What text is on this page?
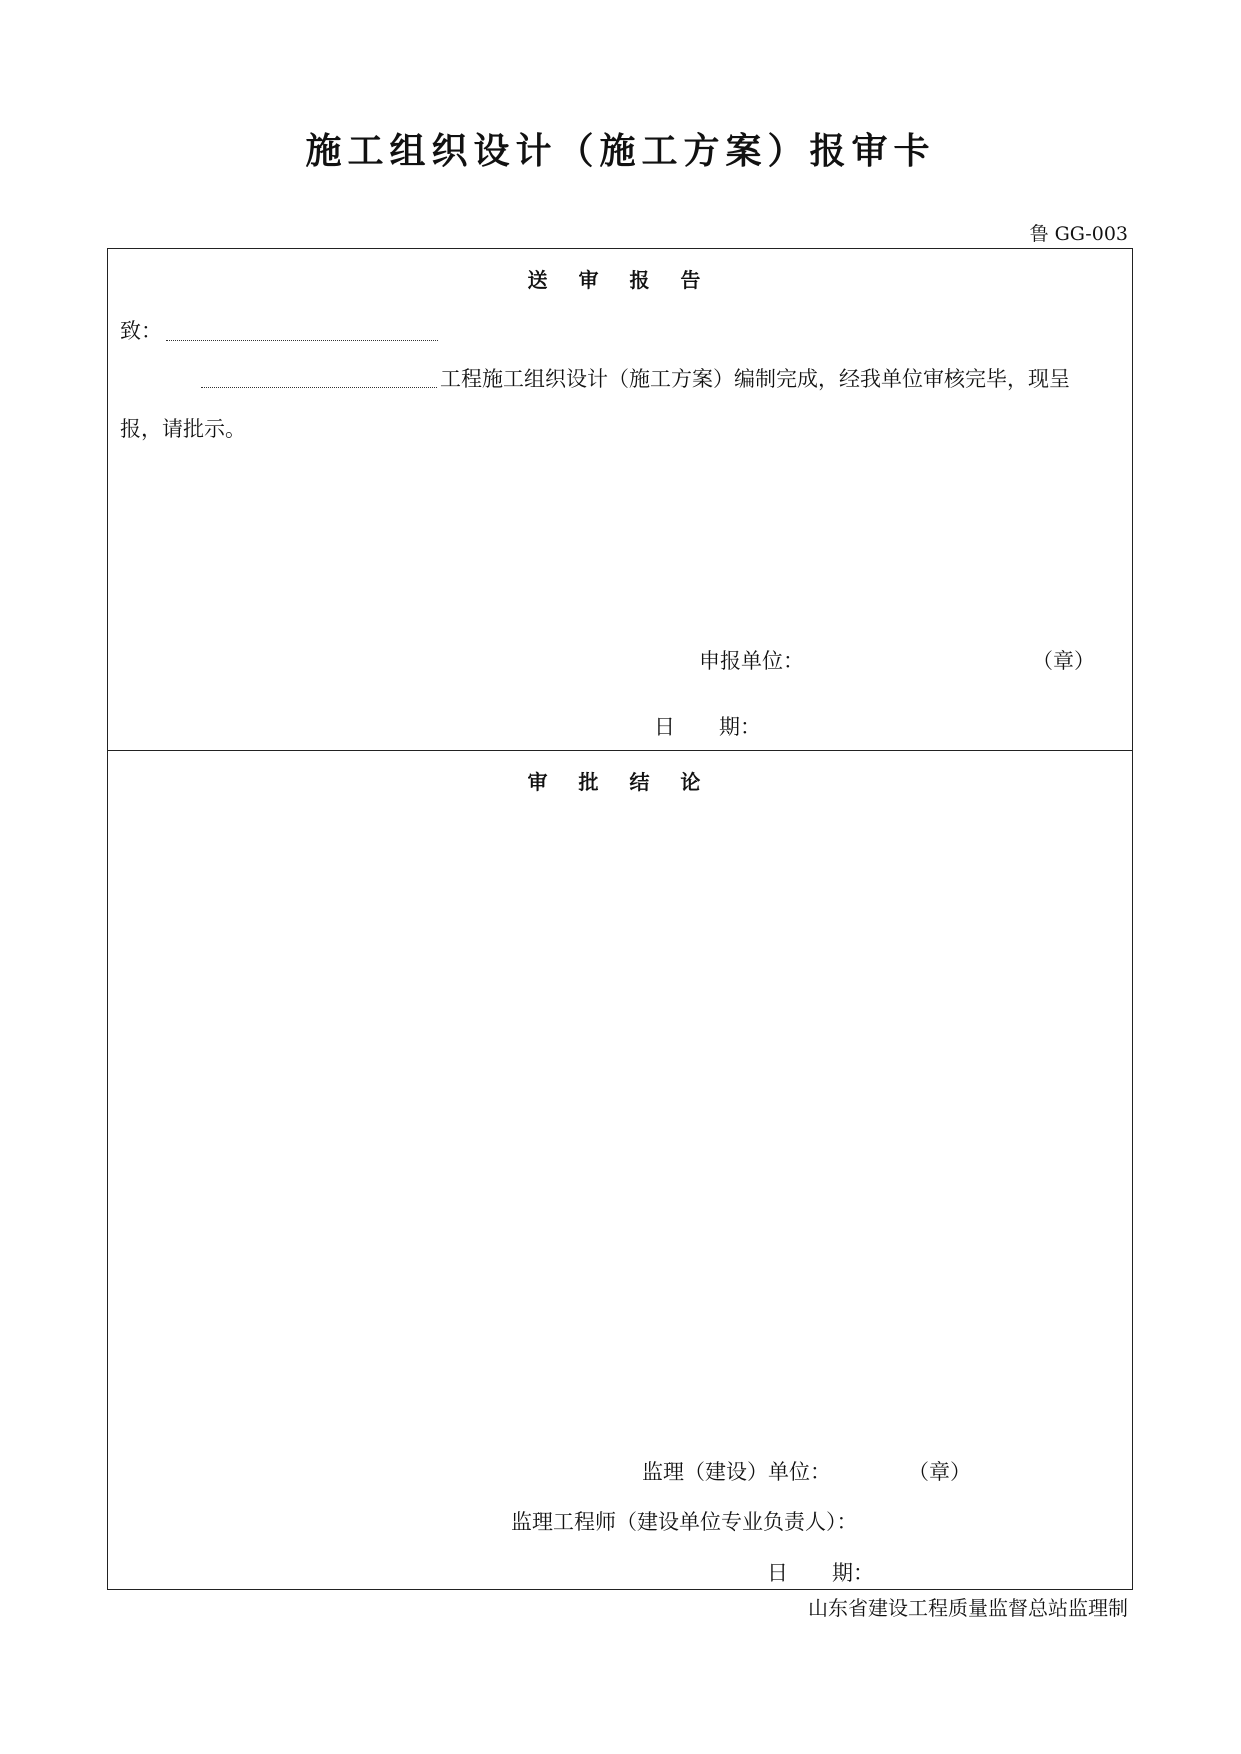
施工组织设计（施工方案）报审卡
鲁 GG-003
送 审 报 告
致：
工程施工组织设计（施工方案）编制完成，经我单位审核完毕，现呈
报，请批示。
申报单位：	（章）
日 期：
审 批 结 论
监理（建设）单位：	（章）
监理工程师（建设单位专业负责人）：
日 期：
山东省建设工程质量监督总站监理制
